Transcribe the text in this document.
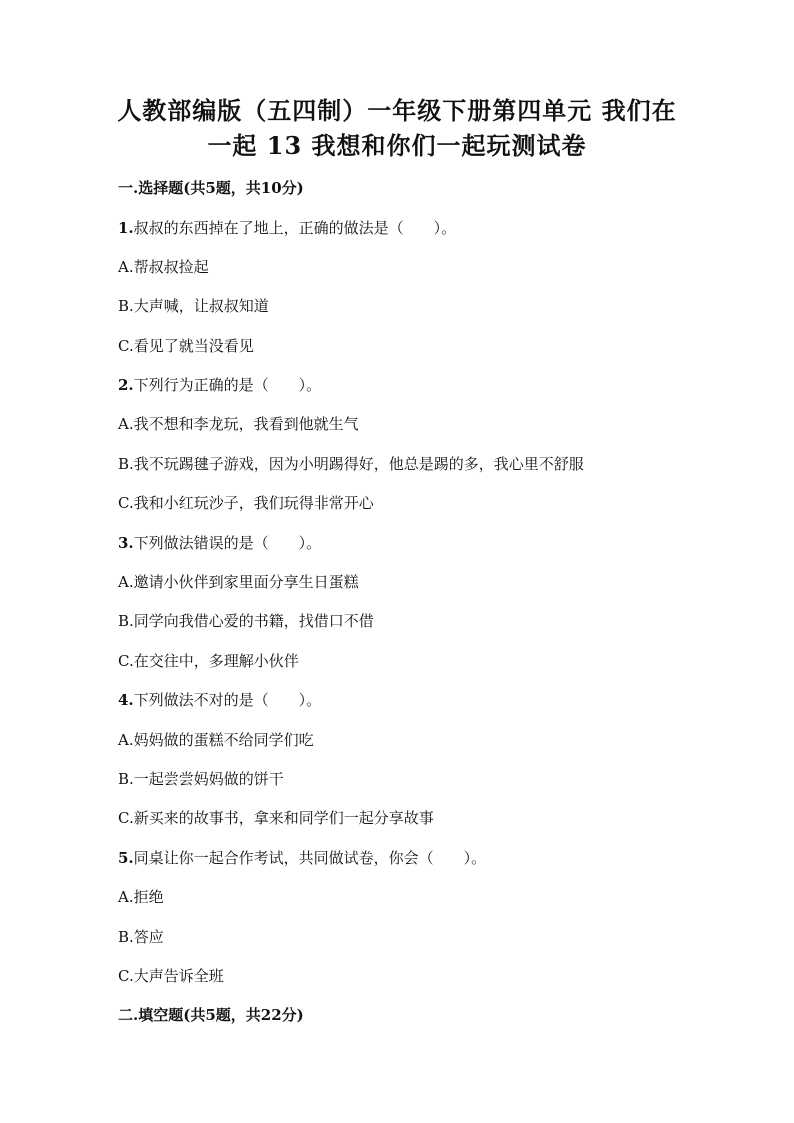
人教部编版（五四制）一年级下册第四单元 我们在
一起 13 我想和你们一起玩测试卷
一.选择题(共5题，共10分)
1.叔叔的东西掉在了地上，正确的做法是（　　）。
A.帮叔叔捡起
B.大声喊，让叔叔知道
C.看见了就当没看见
2.下列行为正确的是（　　）。
A.我不想和李龙玩，我看到他就生气
B.我不玩踢毽子游戏，因为小明踢得好，他总是踢的多，我心里不舒服
C.我和小红玩沙子，我们玩得非常开心
3.下列做法错误的是（　　）。
A.邀请小伙伴到家里面分享生日蛋糕
B.同学向我借心爱的书籍，找借口不借
C.在交往中，多理解小伙伴
4.下列做法不对的是（　　）。
A.妈妈做的蛋糕不给同学们吃
B.一起尝尝妈妈做的饼干
C.新买来的故事书，拿来和同学们一起分享故事
5.同桌让你一起合作考试，共同做试卷，你会（　　）。
A.拒绝
B.答应
C.大声告诉全班
二.填空题(共5题，共22分)
